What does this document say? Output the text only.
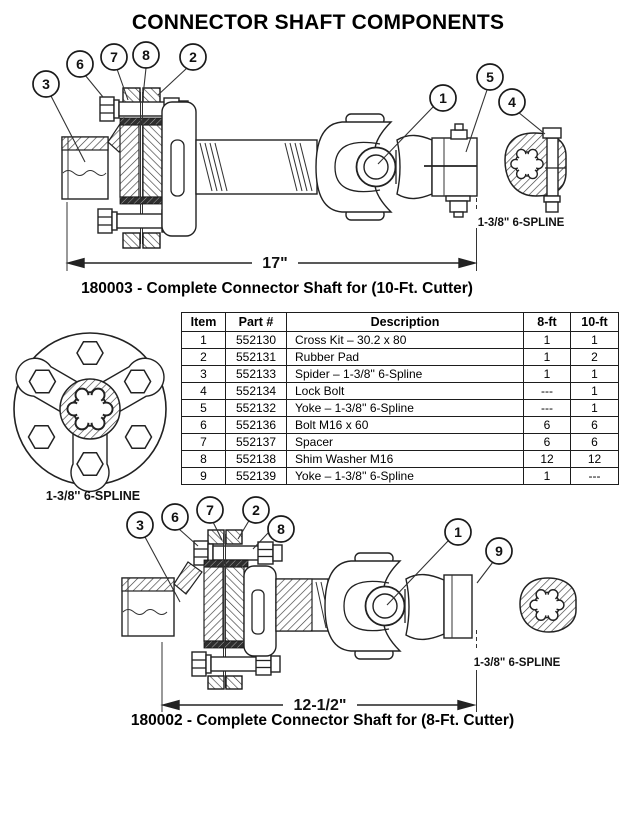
CONNECTOR SHAFT COMPONENTS
17"
1-3/8" 6-SPLINE
3
6 7 8	2
1
5
4
180003 - Complete Connector Shaft for (10-Ft. Cutter)
1-3/8'' 6-SPLINE
Item	Part #	Description	8-ft	10-ft
1	552130	Cross Kit – 30.2 x 80	1	1
2	552131	Rubber Pad	1	2
3	552133	Spider – 1-3/8'' 6-Spline	1	1
4	552134	Lock Bolt	---	1
5	552132	Yoke – 1-3/8'' 6-Spline	---	1
6	552136	Bolt M16 x 60	6	6
7	552137	Spacer	6	6
8	552138	Shim Washer M16	12	12
9	552139	Yoke – 1-3/8'' 6-Spline	1	---
12-1/2"
1-3/8" 6-SPLINE
3 6 7	2
8	1
9
180002 - Complete Connector Shaft for (8-Ft. Cutter)
